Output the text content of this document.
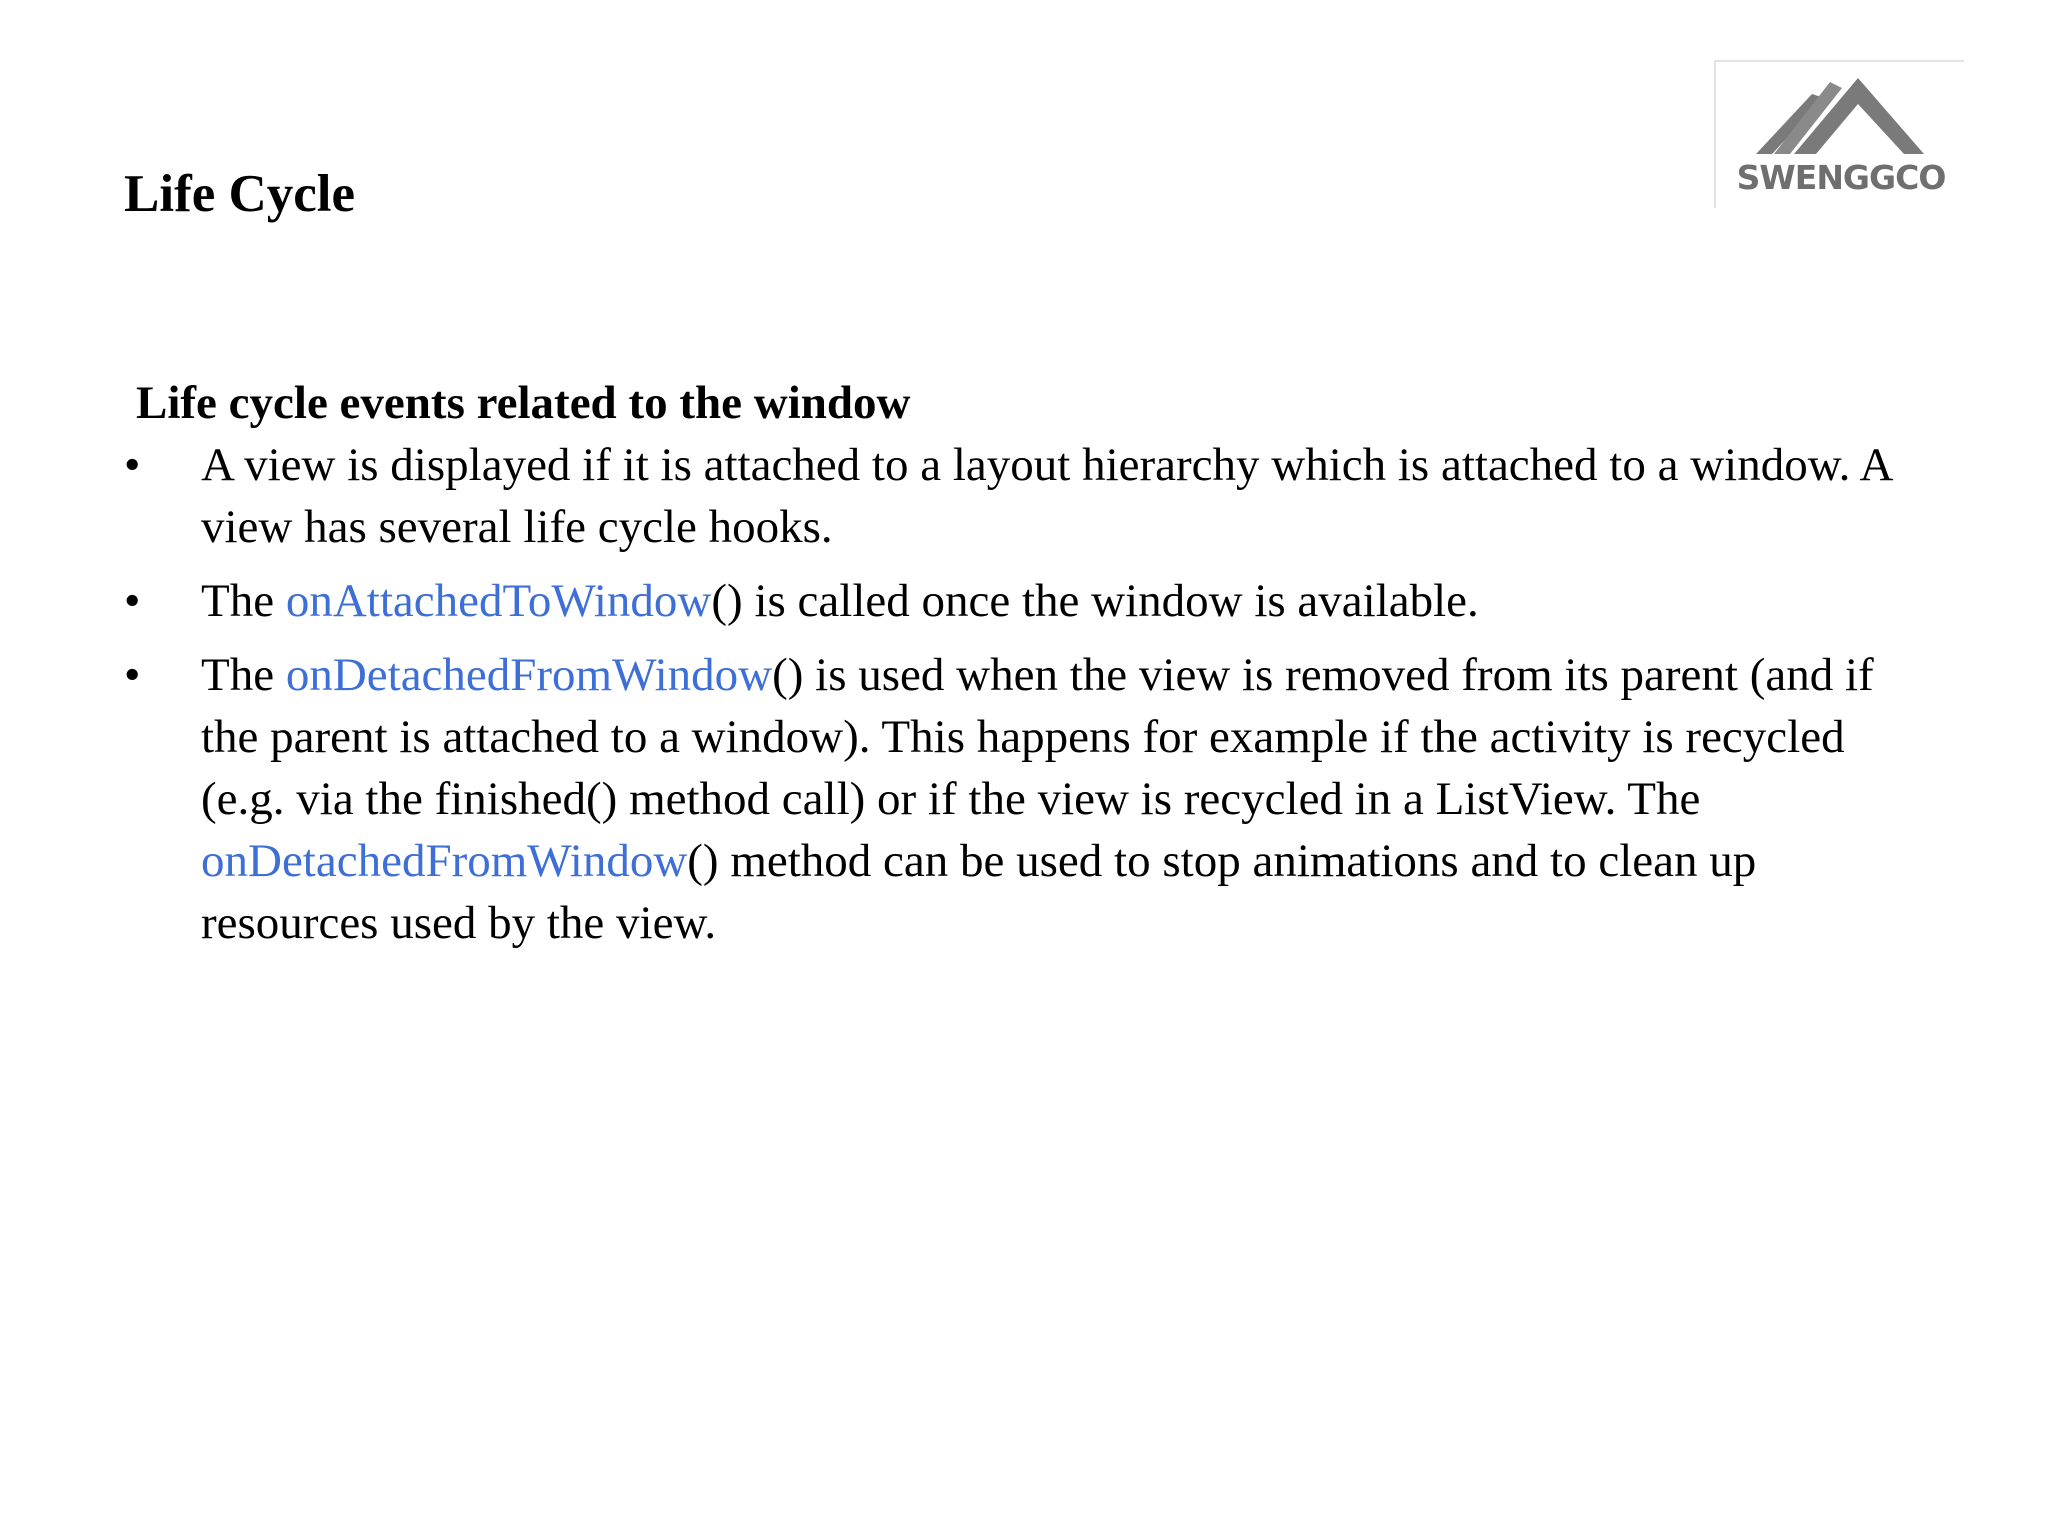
Life Cycle	SWENGGCO
Life cycle events related to the window
• A view is displayed if it is attached to a layout hierarchy which is attached to a window. A view has several life cycle hooks.
• The onAttachedToWindow() is called once the window is available.
• The onDetachedFromWindow() is used when the view is removed from its parent (and if the parent is attached to a window). This happens for example if the activity is recycled (e.g. via the finished() method call) or if the view is recycled in a ListView. The onDetachedFromWindow() method can be used to stop animations and to clean up resources used by the view.
